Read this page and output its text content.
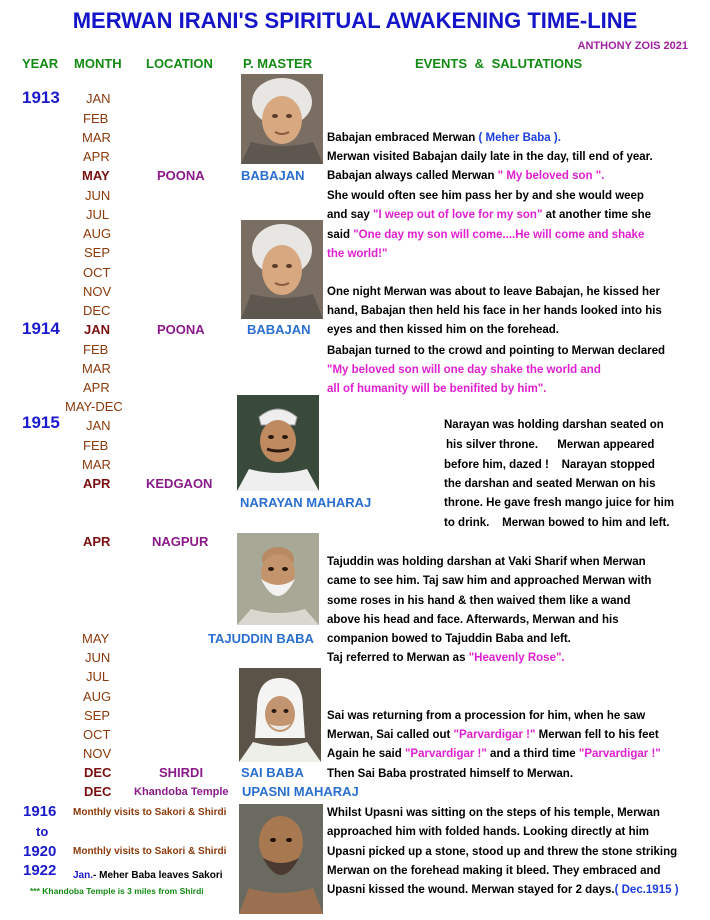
MERWAN IRANI'S SPIRITUAL AWAKENING TIME-LINE
ANTHONY ZOIS 2021
YEAR MONTH LOCATION P. MASTER	EVENTS & SALUTATIONS
1913
1914
1915
1916
to
1920
1922
JAN
FEB
MAR
APR
MAY
JUN
JUL
AUG
SEP
OCT
NOV
DEC
JAN
FEB
MAR
APR
MAY-DEC
JAN
FEB
MAR
APR
APR
MAY
JUN
JUL
AUG
SEP
OCT
NOV
DEC
DEC
POONA
POONA
KEDGAON
NAGPUR
SHIRDI
Khandoba Temple
BABAJAN
BABAJAN
NARAYAN MAHARAJ
TAJUDDIN BABA
SAI BABA
UPASNI MAHARAJ
Monthly visits to Sakori & Shirdi
Monthly visits to Sakori & Shirdi
Jan.- Meher Baba leaves Sakori
*** Khandoba Temple is 3 miles from Shirdi
Babajan embraced Merwan ( Meher Baba ).
Merwan visited Babajan daily late in the day, till end of year.
Babajan always called Merwan " My beloved son ".
She would often see him pass her by and she would weep
and say "I weep out of love for my son" at another time she
said "One day my son will come....He will come and shake
the world!"
One night Merwan was about to leave Babajan, he kissed her
hand, Babajan then held his face in her hands looked into his
eyes and then kissed him on the forehead.
Babajan turned to the crowd and pointing to Merwan declared
"My beloved son will one day shake the world and
all of humanity will be benifited by him".
Narayan was holding darshan seated on
his silver throne.      Merwan appeared
before him, dazed !    Narayan stopped
the darshan and seated Merwan on his
throne. He gave fresh mango juice for him
to drink.    Merwan bowed to him and left.
Tajuddin was holding darshan at Vaki Sharif when Merwan
came to see him. Taj saw him and approached Merwan with
some roses in his hand & then waived them like a wand
above his head and face. Afterwards, Merwan and his
companion bowed to Tajuddin Baba and left.
Taj referred to Merwan as "Heavenly Rose".
Sai was returning from a procession for him, when he saw
Merwan, Sai called out "Parvardigar !" Merwan fell to his feet
Again he said "Parvardigar !" and a third time "Parvardigar !"
Then Sai Baba prostrated himself to Merwan.
Whilst Upasni was sitting on the steps of his temple, Merwan
approached him with folded hands. Looking directly at him
Upasni picked up a stone, stood up and threw the stone striking
Merwan on the forehead making it bleed. They embraced and
Upasni kissed the wound. Merwan stayed for 2 days.( Dec.1915 )
